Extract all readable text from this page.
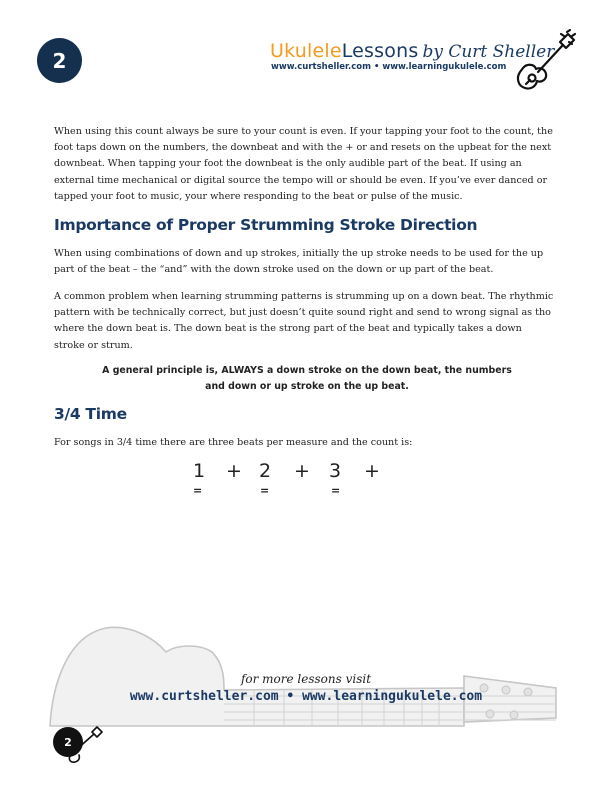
2	UkuleleLessons by Curt Sheller
www.curtsheller.com • www.learningukulele.com

When using this count always be sure to your count is even. If your tapping your foot to the count, the foot taps down on the numbers, the downbeat and with the + or and resets on the upbeat for the next downbeat. When tapping your foot the downbeat is the only audible part of the beat. If using an external time mechanical or digital source the tempo will or should be even. If you’ve ever danced or tapped your foot to music, your where responding to the beat or pulse of the music.

Importance of Proper Strumming Stroke Direction

When using combinations of down and up strokes, initially the up stroke needs to be used for the up part of the beat – the “and” with the down stroke used on the down or up part of the beat.

A common problem when learning strumming patterns is strumming up on a down beat. The rhythmic pattern with be technically correct, but just doesn’t quite sound right and send to wrong signal as tho where the down beat is. The down beat is the strong part of the beat and typically takes a down stroke or strum.

A general principle is, ALWAYS a down stroke on the down beat, the numbers
and down or up stroke on the up beat.

3/4 Time

For songs in 3/4 time there are three beats per measure and the count is:

1 + 2 + 3 +
=	=	=
for more lessons visit
www.curtsheller.com • www.learningukulele.com
2
